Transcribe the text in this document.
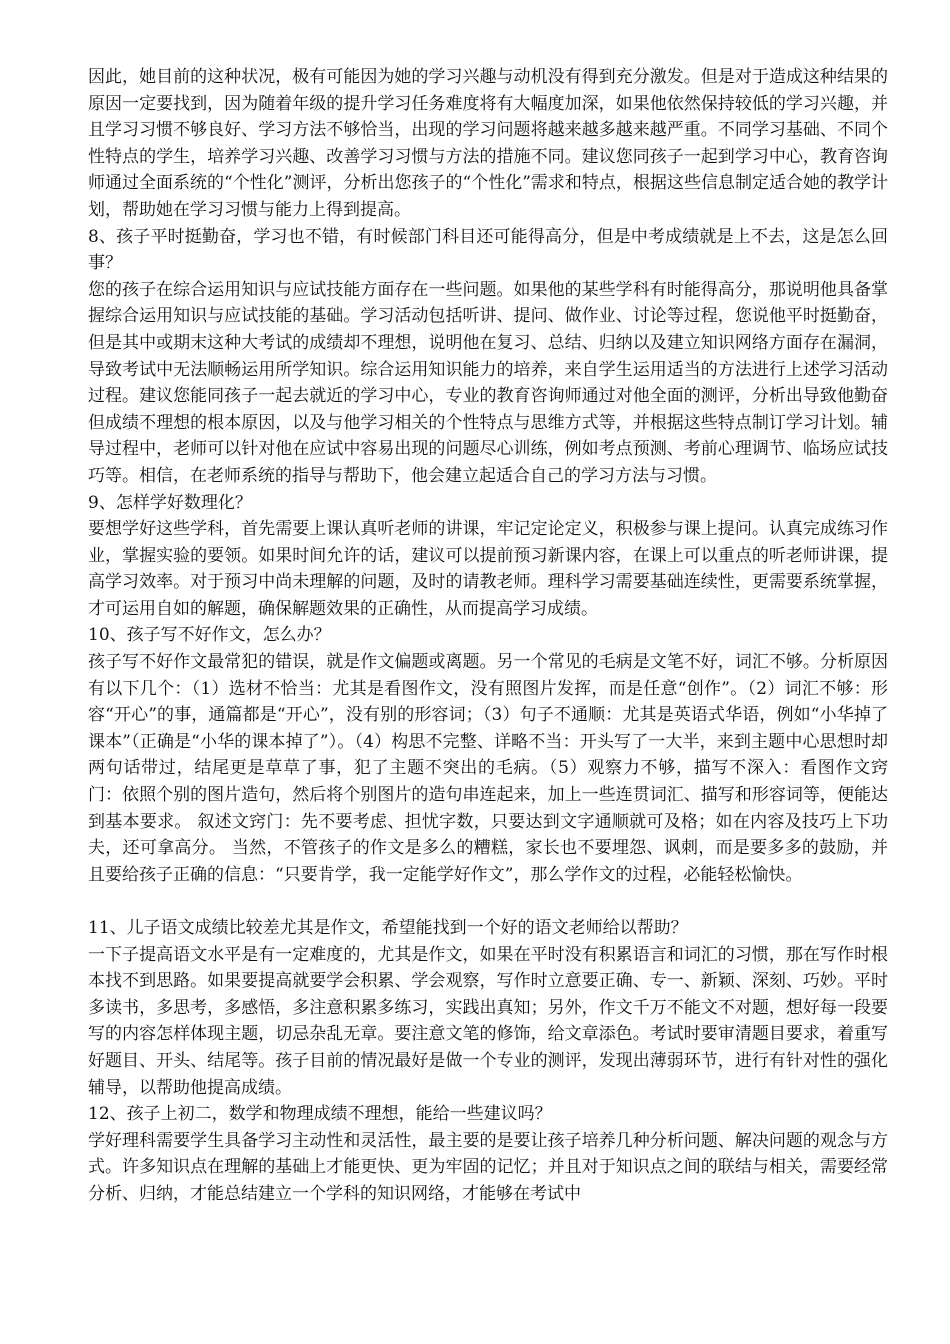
因此，她目前的这种状况，极有可能因为她的学习兴趣与动机没有得到充分激发。但是对于造成这种结果的原因一定要找到，因为随着年级的提升学习任务难度将有大幅度加深，如果他依然保持较低的学习兴趣，并且学习习惯不够良好、学习方法不够恰当，出现的学习问题将越来越多越来越严重。不同学习基础、不同个性特点的学生，培养学习兴趣、改善学习习惯与方法的措施不同。建议您同孩子一起到学习中心，教育咨询师通过全面系统的“个性化”测评，分析出您孩子的“个性化”需求和特点，根据这些信息制定适合她的教学计划，帮助她在学习习惯与能力上得到提高。

8、孩子平时挺勤奋，学习也不错，有时候部门科目还可能得高分，但是中考成绩就是上不去，这是怎么回事？

您的孩子在综合运用知识与应试技能方面存在一些问题。如果他的某些学科有时能得高分，那说明他具备掌握综合运用知识与应试技能的基础。学习活动包括听讲、提问、做作业、讨论等过程，您说他平时挺勤奋，但是其中或期末这种大考试的成绩却不理想，说明他在复习、总结、归纳以及建立知识网络方面存在漏洞，导致考试中无法顺畅运用所学知识。综合运用知识能力的培养，来自学生运用适当的方法进行上述学习活动过程。建议您能同孩子一起去就近的学习中心，专业的教育咨询师通过对他全面的测评，分析出导致他勤奋但成绩不理想的根本原因，以及与他学习相关的个性特点与思维方式等，并根据这些特点制订学习计划。辅导过程中，老师可以针对他在应试中容易出现的问题尽心训练，例如考点预测、考前心理调节、临场应试技巧等。相信，在老师系统的指导与帮助下，他会建立起适合自己的学习方法与习惯。

9、怎样学好数理化？

要想学好这些学科，首先需要上课认真听老师的讲课，牢记定论定义，积极参与课上提问。认真完成练习作业，掌握实验的要领。如果时间允许的话，建议可以提前预习新课内容，在课上可以重点的听老师讲课，提高学习效率。对于预习中尚未理解的问题，及时的请教老师。理科学习需要基础连续性，更需要系统掌握，才可运用自如的解题，确保解题效果的正确性，从而提高学习成绩。

10、孩子写不好作文，怎么办？

孩子写不好作文最常犯的错误，就是作文偏题或离题。另一个常见的毛病是文笔不好，词汇不够。分析原因有以下几个：（1）选材不恰当：尤其是看图作文，没有照图片发挥，而是任意“创作”。（2）词汇不够：形容“开心”的事，通篇都是“开心”，没有别的形容词；（3）句子不通顺：尤其是英语式华语，例如“小华掉了课本”（正确是“小华的课本掉了”）。（4）构思不完整、详略不当：开头写了一大半，来到主题中心思想时却两句话带过，结尾更是草草了事，犯了主题不突出的毛病。（5）观察力不够，描写不深入：看图作文窍门：依照个别的图片造句，然后将个别图片的造句串连起来，加上一些连贯词汇、描写和形容词等，便能达到基本要求。 叙述文窍门：先不要考虑、担忧字数，只要达到文字通顺就可及格；如在内容及技巧上下功夫，还可拿高分。 当然，不管孩子的作文是多么的糟糕，家长也不要埋怨、讽刺，而是要多多的鼓励，并且要给孩子正确的信息：“只要肯学，我一定能学好作文”，那么学作文的过程，必能轻松愉快。

11、儿子语文成绩比较差尤其是作文，希望能找到一个好的语文老师给以帮助？

一下子提高语文水平是有一定难度的，尤其是作文，如果在平时没有积累语言和词汇的习惯，那在写作时根本找不到思路。如果要提高就要学会积累、学会观察，写作时立意要正确、专一、新颖、深刻、巧妙。平时多读书，多思考，多感悟，多注意积累多练习，实践出真知；另外，作文千万不能文不对题，想好每一段要写的内容怎样体现主题，切忌杂乱无章。要注意文笔的修饰，给文章添色。考试时要审清题目要求，着重写好题目、开头、结尾等。孩子目前的情况最好是做一个专业的测评，发现出薄弱环节，进行有针对性的强化辅导，以帮助他提高成绩。

12、孩子上初二，数学和物理成绩不理想，能给一些建议吗？

学好理科需要学生具备学习主动性和灵活性，最主要的是要让孩子培养几种分析问题、解决问题的观念与方式。许多知识点在理解的基础上才能更快、更为牢固的记忆；并且对于知识点之间的联结与相关，需要经常分析、归纳，才能总结建立一个学科的知识网络，才能够在考试中
